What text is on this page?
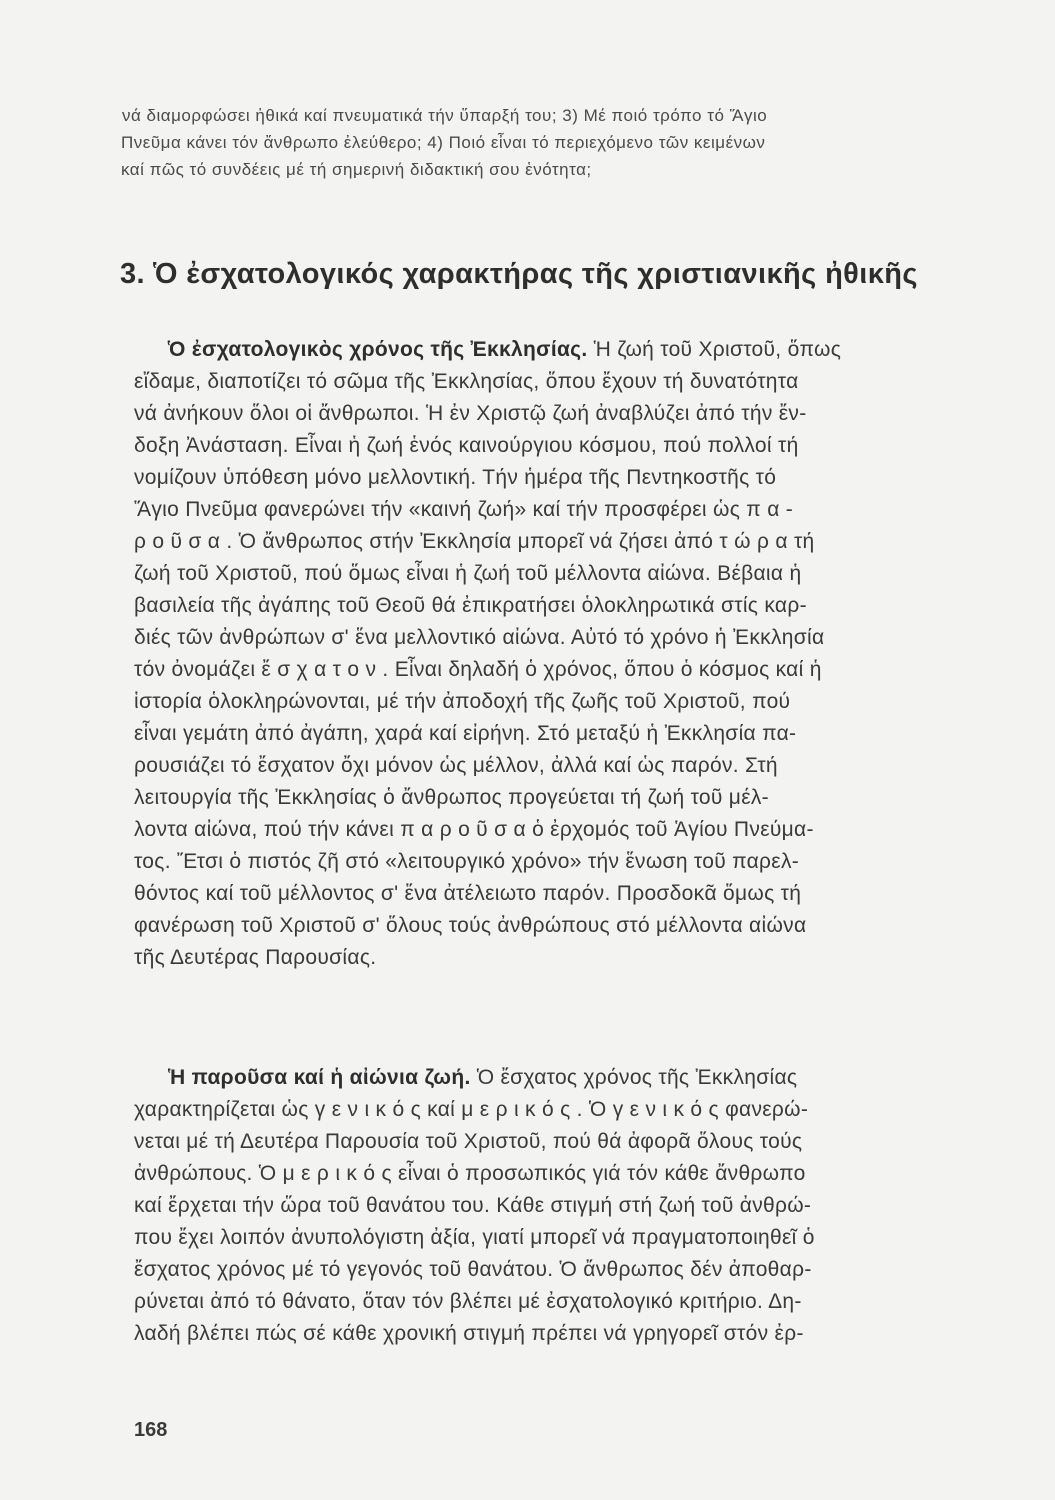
νά διαμορφώσει ἠθικά καί πνευματικά τήν ὕπαρξή του; 3) Μέ ποιό τρόπο τό Ἅγιο
Πνεῦμα κάνει τόν ἄνθρωπο ἐλεύθερο; 4) Ποιό εἶναι τό περιεχόμενο τῶν κειμένων
καί πῶς τό συνδέεις μέ τή σημερινή διδακτική σου ἑνότητα;
3. Ὁ ἐσχατολογικός χαρακτήρας τῆς χριστιανικῆς ἠθικῆς
Ὁ ἐσχατολογικὸς χρόνος τῆς Ἐκκλησίας. Ἡ ζωή τοῦ Χριστοῦ, ὅπως
εἴδαμε, διαποτίζει τό σῶμα τῆς Ἐκκλησίας, ὅπου ἔχουν τή δυνατότητα
νά ἀνήκουν ὅλοι οἱ ἄνθρωποι. Ἡ ἐν Χριστῷ ζωή ἀναβλύζει ἀπό τήν ἔν-
δοξη Ἀνάσταση. Εἶναι ἡ ζωή ἑνός καινούργιου κόσμου, πού πολλοί τή
νομίζουν ὑπόθεση μόνο μελλοντική. Τήν ἡμέρα τῆς Πεντηκοστῆς τό
Ἅγιο Πνεῦμα φανερώνει τήν «καινή ζωή» καί τήν προσφέρει ὡς π α -
ρ ο ῦ σ α . Ὁ ἄνθρωπος στήν Ἐκκλησία μπορεῖ νά ζήσει ἀπό τ ώ ρ α τή
ζωή τοῦ Χριστοῦ, πού ὅμως εἶναι ἡ ζωή τοῦ μέλλοντα αἰώνα. Βέβαια ἡ
βασιλεία τῆς ἀγάπης τοῦ Θεοῦ θά ἐπικρατήσει ὁλοκληρωτικά στίς καρ-
διές τῶν ἀνθρώπων σ' ἕνα μελλοντικό αἰώνα. Αὐτό τό χρόνο ἡ Ἐκκλησία
τόν ὀνομάζει ἔ σ χ α τ ο ν . Εἶναι δηλαδή ὁ χρόνος, ὅπου ὁ κόσμος καί ἡ
ἱστορία ὁλοκληρώνονται, μέ τήν ἀποδοχή τῆς ζωῆς τοῦ Χριστοῦ, πού
εἶναι γεμάτη ἀπό ἀγάπη, χαρά καί εἰρήνη. Στό μεταξύ ἡ Ἐκκλησία πα-
ρουσιάζει τό ἔσχατον ὄχι μόνον ὡς μέλλον, ἀλλά καί ὡς παρόν. Στή
λειτουργία τῆς Ἐκκλησίας ὁ ἄνθρωπος προγεύεται τή ζωή τοῦ μέλ-
λοντα αἰώνα, πού τήν κάνει π α ρ ο ῦ σ α ὁ ἐρχομός τοῦ Ἁγίου Πνεύμα-
τος. Ἔτσι ὁ πιστός ζῆ στό «λειτουργικό χρόνο» τήν ἕνωση τοῦ παρελ-
θόντος καί τοῦ μέλλοντος σ' ἕνα ἀτέλειωτο παρόν. Προσδοκᾶ ὅμως τή
φανέρωση τοῦ Χριστοῦ σ' ὅλους τούς ἀνθρώπους στό μέλλοντα αἰώνα
τῆς Δευτέρας Παρουσίας.
Ἡ παροῦσα καί ἡ αἰώνια ζωή. Ὁ ἔσχατος χρόνος τῆς Ἐκκλησίας
χαρακτηρίζεται ὡς γ ε ν ι κ ό ς καί μ ε ρ ι κ ό ς . Ὁ γ ε ν ι κ ό ς φανερώ-
νεται μέ τή Δευτέρα Παρουσία τοῦ Χριστοῦ, πού θά ἀφορᾶ ὅλους τούς
ἀνθρώπους. Ὁ μ ε ρ ι κ ό ς εἶναι ὁ προσωπικός γιά τόν κάθε ἄνθρωπο
καί ἔρχεται τήν ὥρα τοῦ θανάτου του. Κάθε στιγμή στή ζωή τοῦ ἀνθρώ-
που ἔχει λοιπόν ἀνυπολόγιστη ἀξία, γιατί μπορεῖ νά πραγματοποιηθεῖ ὁ
ἔσχατος χρόνος μέ τό γεγονός τοῦ θανάτου. Ὁ ἄνθρωπος δέν ἀποθαρ-
ρύνεται ἀπό τό θάνατο, ὅταν τόν βλέπει μέ ἐσχατολογικό κριτήριο. Δη-
λαδή βλέπει πώς σέ κάθε χρονική στιγμή πρέπει νά γρηγορεῖ στόν ἐρ-
168
